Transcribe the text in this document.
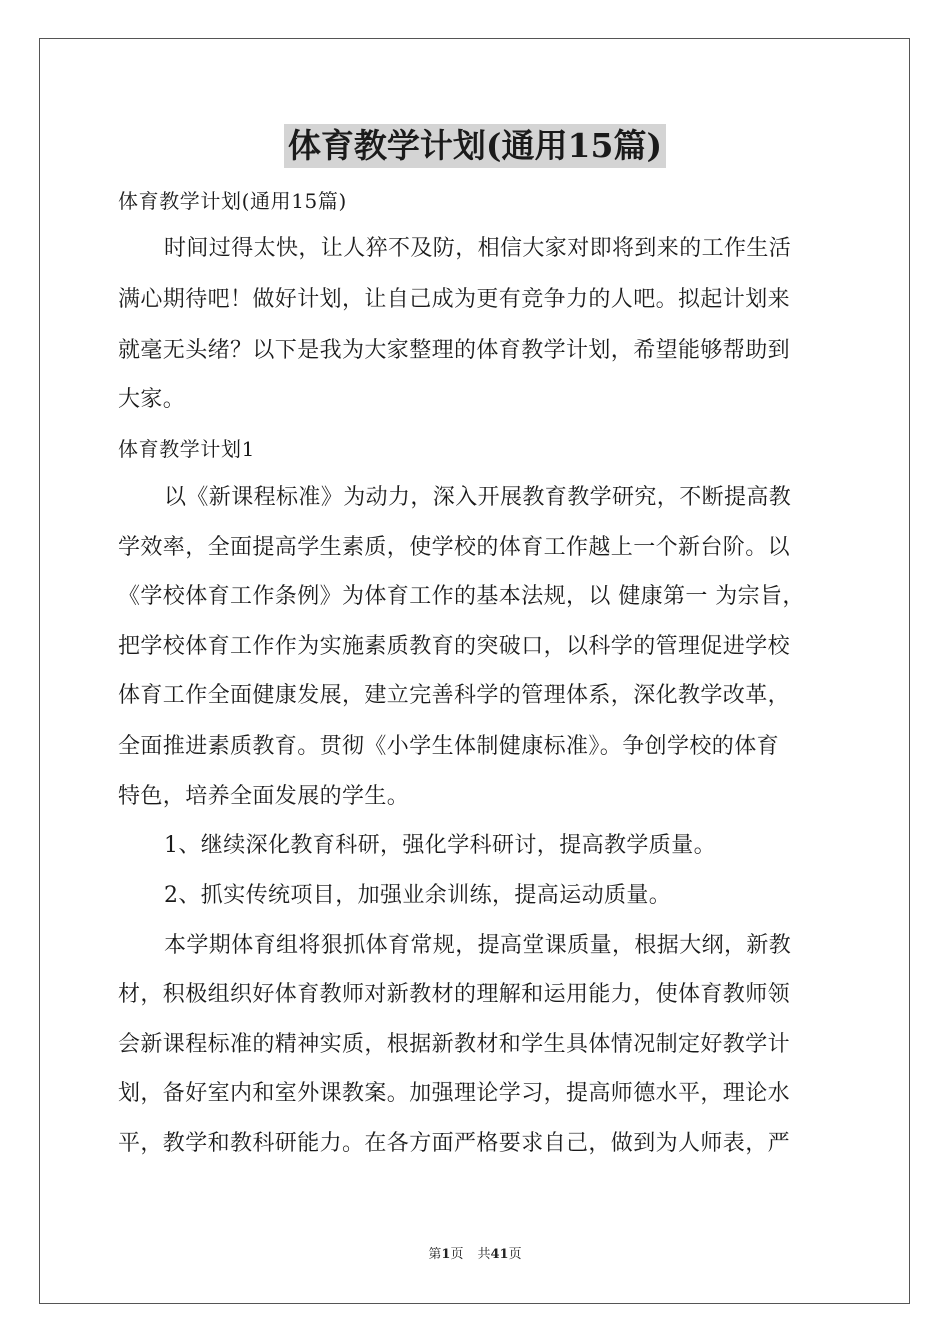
体育教学计划(通用15篇)
体育教学计划(通用15篇)
时间过得太快，让人猝不及防，相信大家对即将到来的工作生活
满心期待吧！做好计划，让自己成为更有竞争力的人吧。拟起计划来
就毫无头绪？以下是我为大家整理的体育教学计划，希望能够帮助到
大家。
体育教学计划1
以《新课程标准》为动力，深入开展教育教学研究，不断提高教
学效率，全面提高学生素质，使学校的体育工作越上一个新台阶。以
《学校体育工作条例》为体育工作的基本法规，以 健康第一 为宗旨，
把学校体育工作作为实施素质教育的突破口，以科学的管理促进学校
体育工作全面健康发展，建立完善科学的管理体系，深化教学改革，
全面推进素质教育。贯彻《小学生体制健康标准》。争创学校的体育
特色，培养全面发展的学生。
1、继续深化教育科研，强化学科研讨，提高教学质量。
2、抓实传统项目，加强业余训练，提高运动质量。
本学期体育组将狠抓体育常规，提高堂课质量，根据大纲，新教
材，积极组织好体育教师对新教材的理解和运用能力，使体育教师领
会新课程标准的精神实质，根据新教材和学生具体情况制定好教学计
划，备好室内和室外课教案。加强理论学习，提高师德水平，理论水
平，教学和教科研能力。在各方面严格要求自己，做到为人师表，严
第1页 共41页
